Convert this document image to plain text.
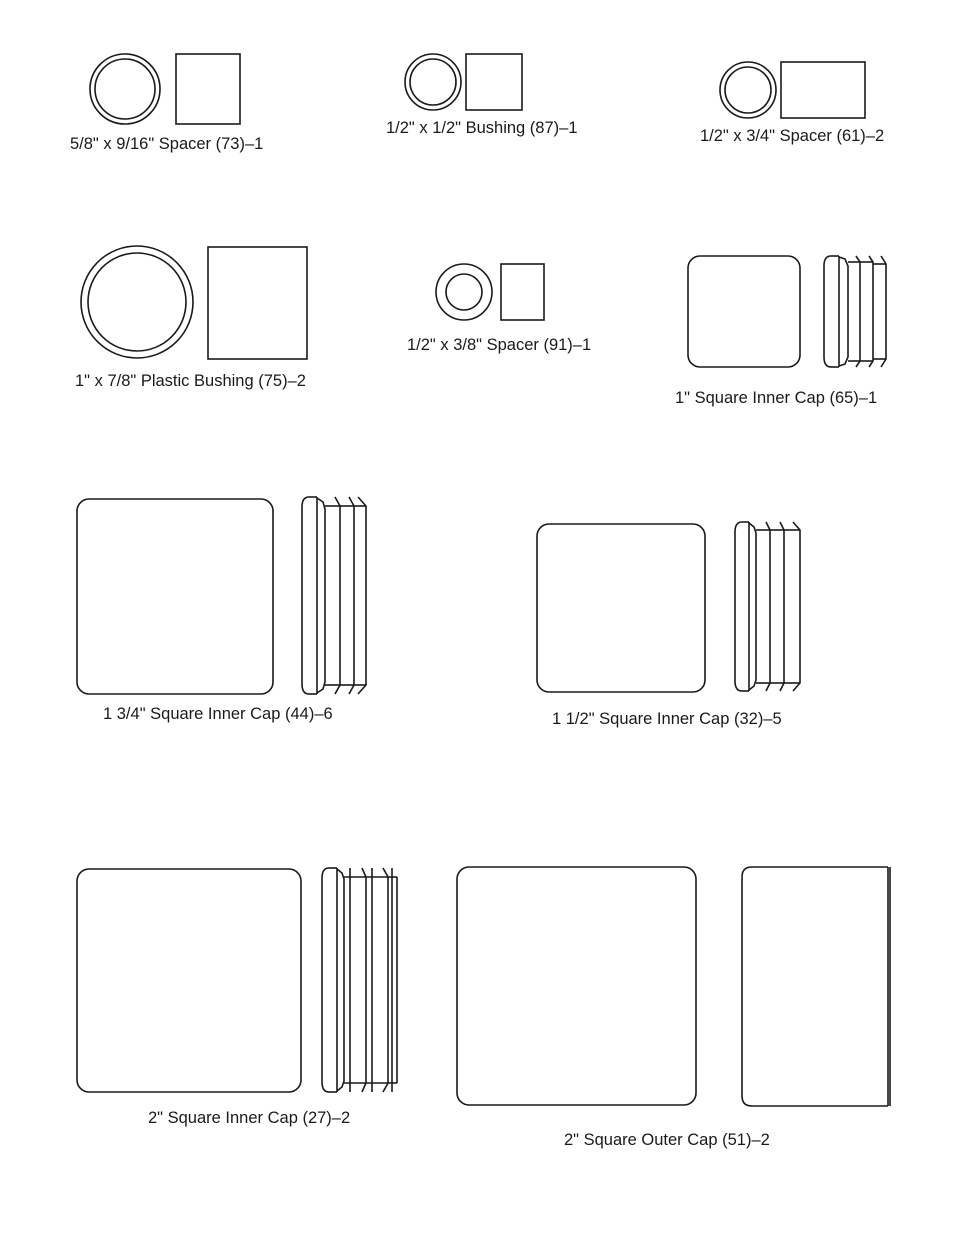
5/8" x 9/16" Spacer (73)–1
1/2" x 1/2" Bushing (87)–1	1/2" x 3/4" Spacer (61)–2
1" x 7/8" Plastic Bushing (75)–2
1/2" x 3/8" Spacer (91)–1
1" Square Inner Cap (65)–1
1 3/4" Square Inner Cap (44)–6	1 1/2" Square Inner Cap (32)–5
2" Square Inner Cap (27)–2
2" Square Outer Cap (51)–2
